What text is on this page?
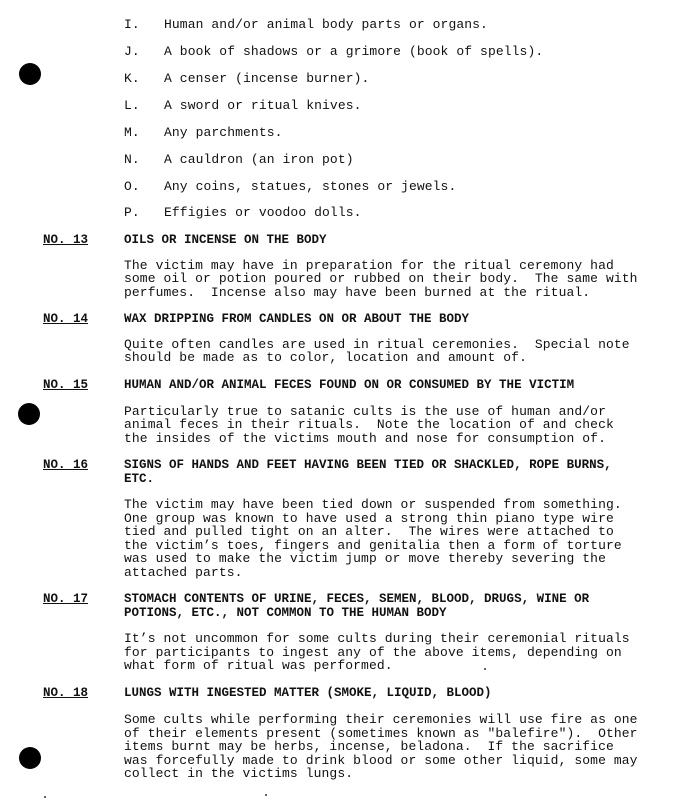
I. Human and/or animal body parts or organs.
J. A book of shadows or a grimore (book of spells).
K. A censer (incense burner).
L. A sword or ritual knives.
M. Any parchments.
N. A cauldron (an iron pot)
O. Any coins, statues, stones or jewels.
P. Effigies or voodoo dolls.
NO. 13	OILS OR INCENSE ON THE BODY
The victim may have in preparation for the ritual ceremony had
some oil or potion poured or rubbed on their body.  The same with
perfumes.  Incense also may have been burned at the ritual.
NO. 14	WAX DRIPPING FROM CANDLES ON OR ABOUT THE BODY
Quite often candles are used in ritual ceremonies.  Special note
should be made as to color, location and amount of.
NO. 15	HUMAN AND/OR ANIMAL FECES FOUND ON OR CONSUMED BY THE VICTIM
Particularly true to satanic cults is the use of human and/or
animal feces in their rituals.  Note the location of and check
the insides of the victims mouth and nose for consumption of.
NO. 16	SIGNS OF HANDS AND FEET HAVING BEEN TIED OR SHACKLED, ROPE BURNS,
ETC.
The victim may have been tied down or suspended from something.
One group was known to have used a strong thin piano type wire
tied and pulled tight on an alter.  The wires were attached to
the victim’s toes, fingers and genitalia then a form of torture
was used to make the victim jump or move thereby severing the
attached parts.
NO. 17	STOMACH CONTENTS OF URINE, FECES, SEMEN, BLOOD, DRUGS, WINE OR
POTIONS, ETC., NOT COMMON TO THE HUMAN BODY
It’s not uncommon for some cults during their ceremonial rituals
for participants to ingest any of the above items, depending on
what form of ritual was performed.
NO. 18	LUNGS WITH INGESTED MATTER (SMOKE, LIQUID, BLOOD)
Some cults while performing their ceremonies will use fire as one
of their elements present (sometimes known as "balefire").  Other
items burnt may be herbs, incense, beladona.  If the sacrifice
was forcefully made to drink blood or some other liquid, some may
collect in the victims lungs.
